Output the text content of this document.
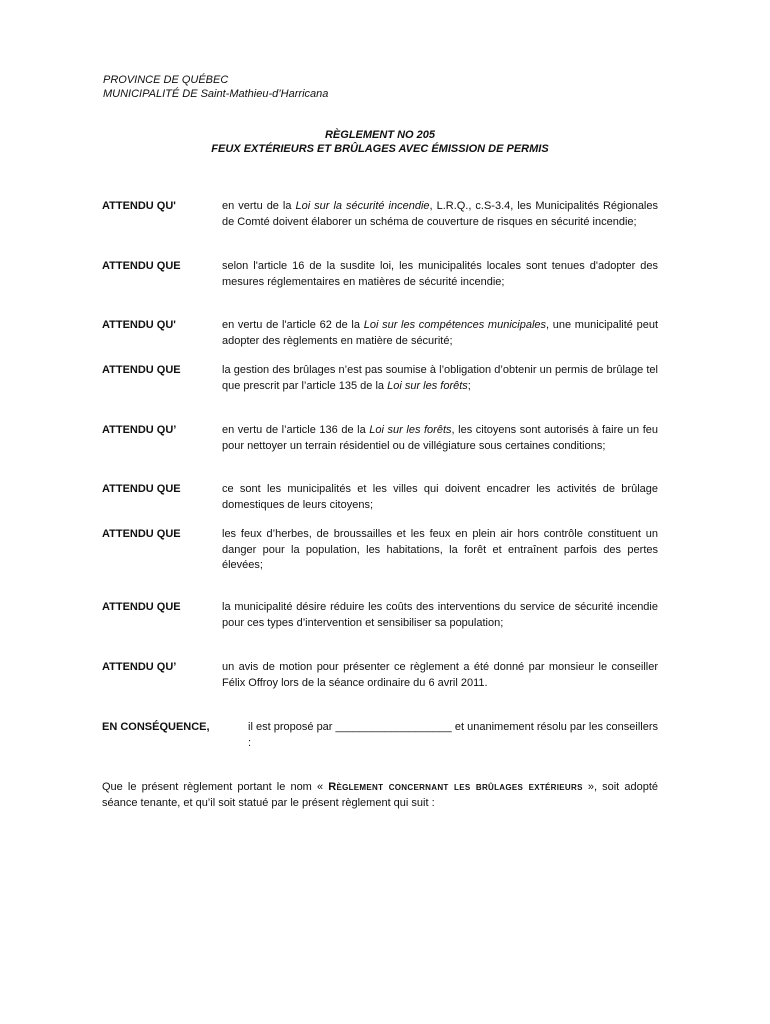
PROVINCE DE QUÉBEC
MUNICIPALITÉ DE Saint-Mathieu-d’Harricana
RÈGLEMENT NO 205
FEUX EXTÉRIEURS ET BRÛLAGES AVEC ÉMISSION DE PERMIS
ATTENDU QU'	en vertu de la Loi sur la sécurité incendie, L.R.Q., c.S-3.4, les Municipalités Régionales de Comté doivent élaborer un schéma de couverture de risques en sécurité incendie;
ATTENDU QUE	selon l'article 16 de la susdite loi, les municipalités locales sont tenues d'adopter des mesures réglementaires en matières de sécurité incendie;
ATTENDU QU'	en vertu de l'article 62 de la Loi sur les compétences municipales, une municipalité peut adopter des règlements en matière de sécurité;
ATTENDU QUE	la gestion des brûlages n’est pas soumise à l’obligation d’obtenir un permis de brûlage tel que prescrit par l’article 135 de la Loi sur les forêts;
ATTENDU QU’	en vertu de l’article 136 de la Loi sur les forêts, les citoyens sont autorisés à faire un feu pour nettoyer un terrain résidentiel ou de villégiature sous certaines conditions;
ATTENDU QUE	ce sont les municipalités et les villes qui doivent encadrer les activités de brûlage domestiques de leurs citoyens;
ATTENDU QUE	les feux d’herbes, de broussailles et les feux en plein air hors contrôle constituent un danger pour la population, les habitations, la forêt et entraînent parfois des pertes élevées;
ATTENDU QUE	la municipalité désire réduire les coûts des interventions du service de sécurité incendie pour ces types d’intervention et sensibiliser sa population;
ATTENDU QU’	un avis de motion pour présenter ce règlement a été donné par monsieur le conseiller Félix Offroy lors de la séance ordinaire du 6 avril 2011.
EN CONSÉQUENCE,	il est proposé par ___________________ et unanimement résolu par les conseillers :
Que le présent règlement portant le nom « Règlement concernant les brûlages extérieurs », soit adopté séance tenante, et qu’il soit statué par le présent règlement qui suit :
